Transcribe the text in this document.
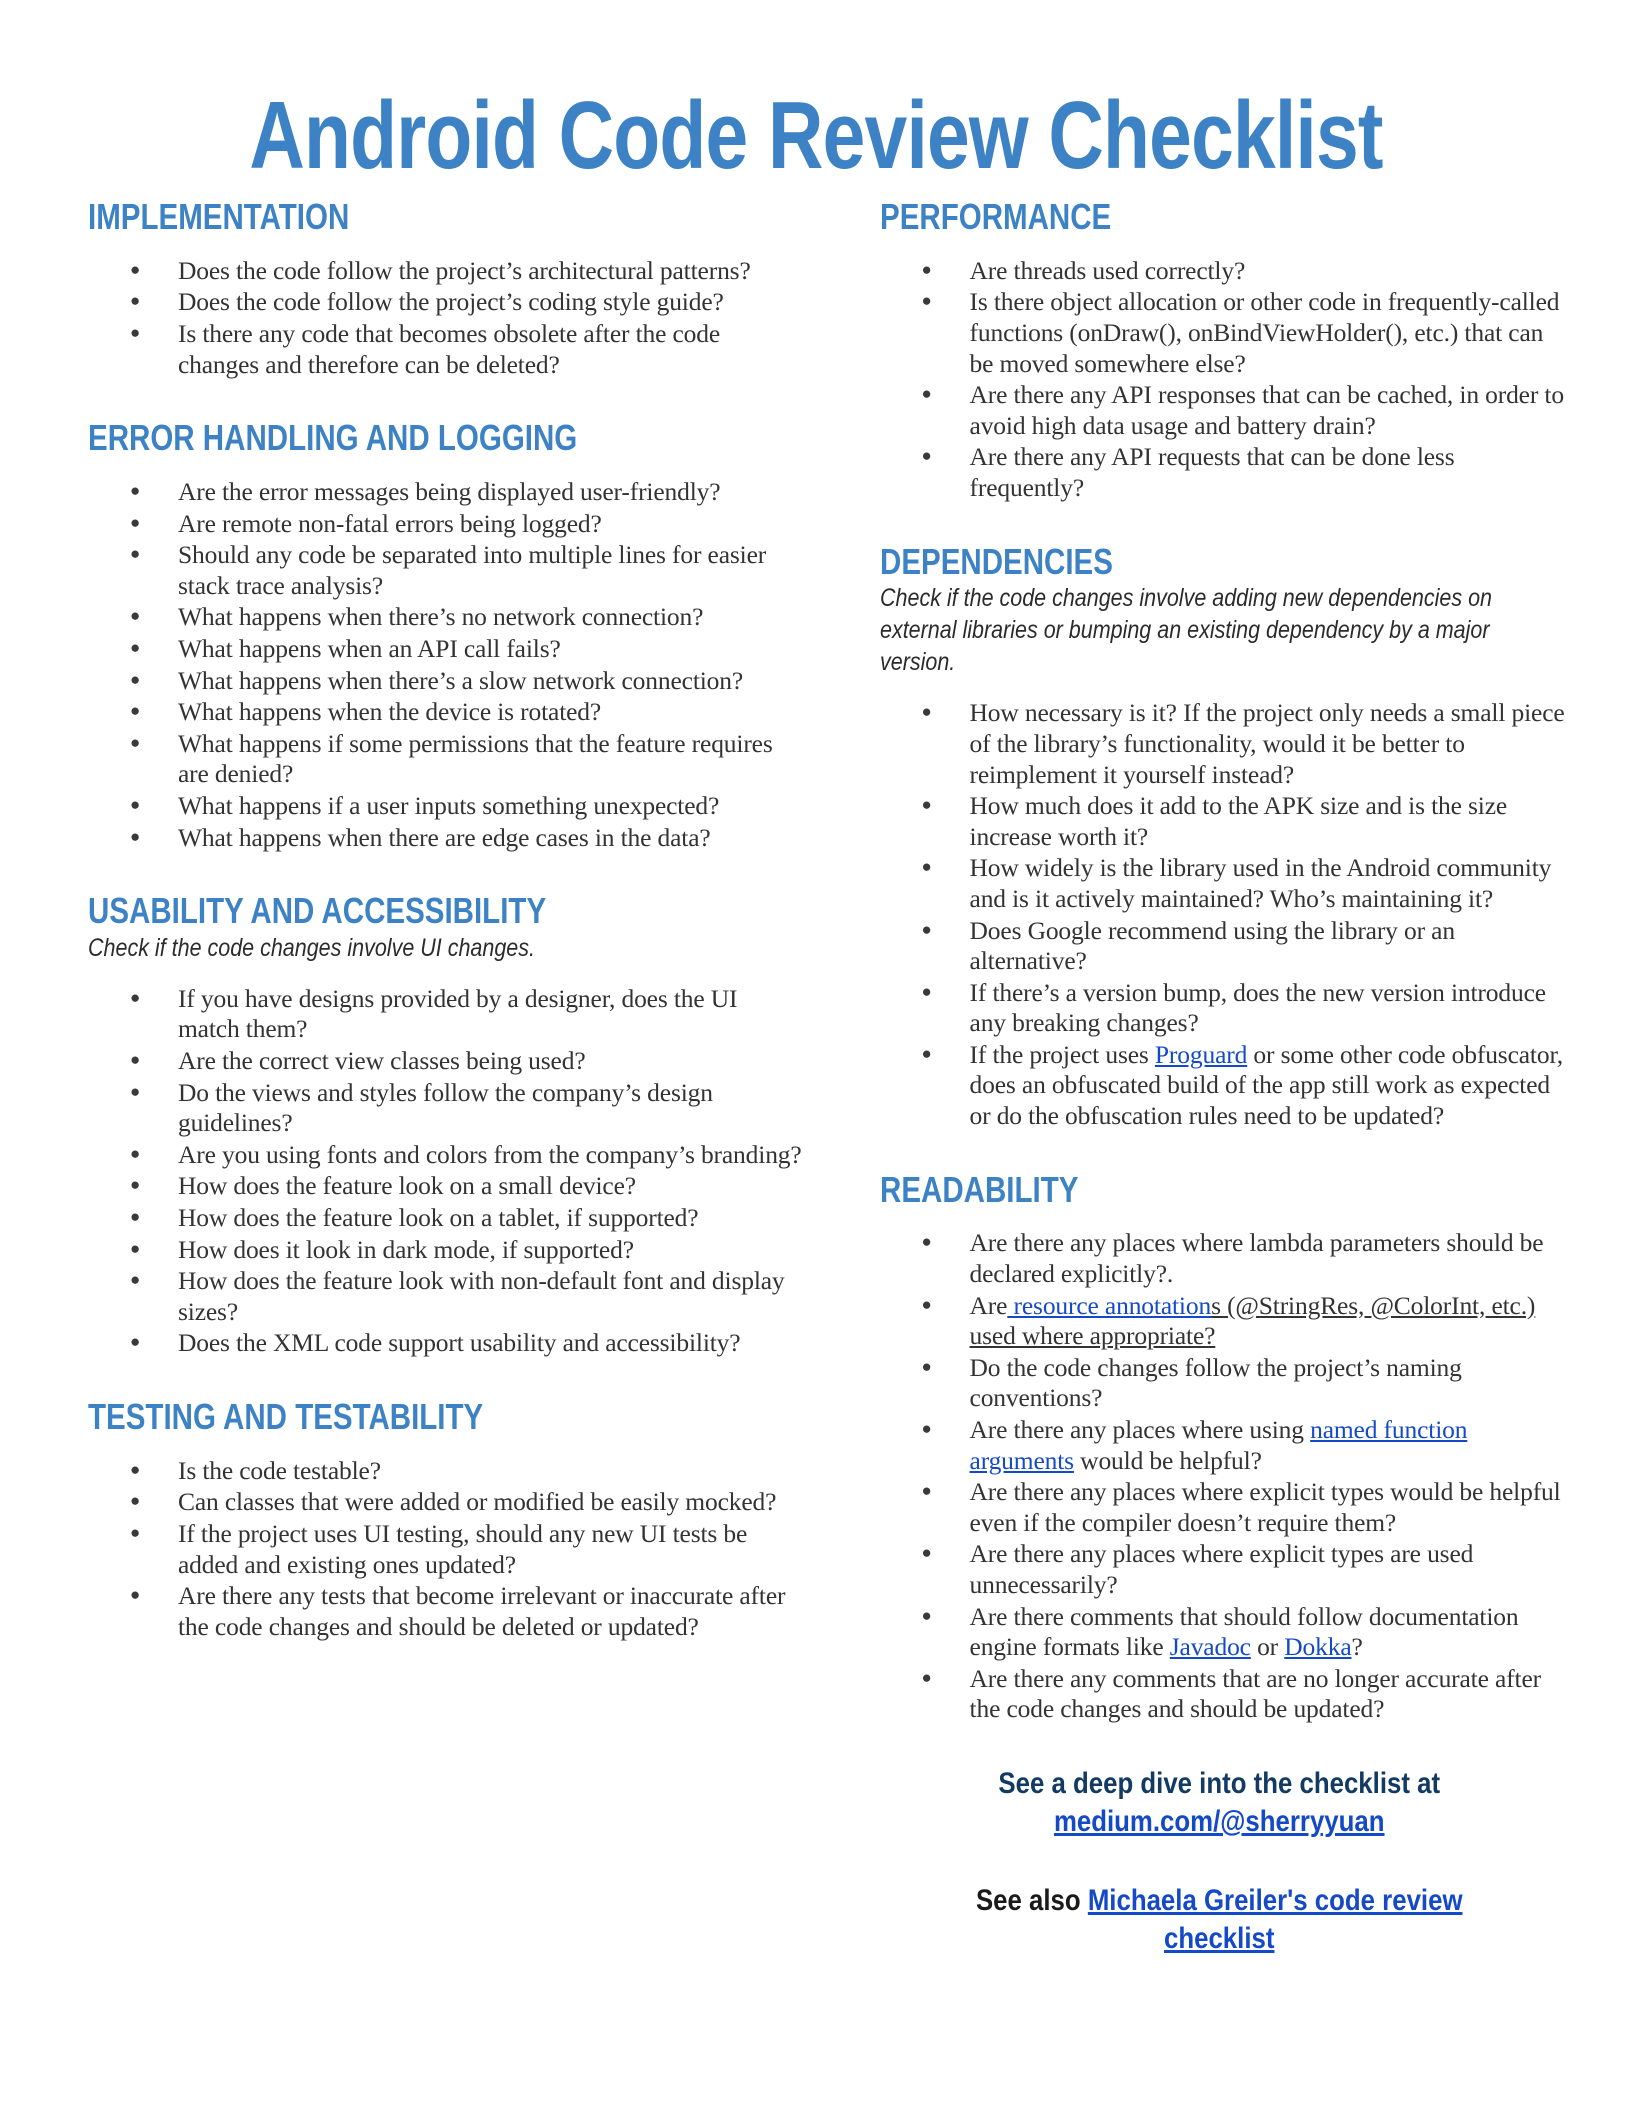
Android Code Review Checklist
IMPLEMENTATION
● Does the code follow the project’s architectural patterns?
● Does the code follow the project’s coding style guide?
● Is there any code that becomes obsolete after the code changes and therefore can be deleted?
ERROR HANDLING AND LOGGING
● Are the error messages being displayed user-friendly?
● Are remote non-fatal errors being logged?
● Should any code be separated into multiple lines for easier stack trace analysis?
● What happens when there’s no network connection?
● What happens when an API call fails?
● What happens when there’s a slow network connection?
● What happens when the device is rotated?
● What happens if some permissions that the feature requires are denied?
● What happens if a user inputs something unexpected?
● What happens when there are edge cases in the data?
USABILITY AND ACCESSIBILITY
Check if the code changes involve UI changes.
● If you have designs provided by a designer, does the UI match them?
● Are the correct view classes being used?
● Do the views and styles follow the company’s design guidelines?
● Are you using fonts and colors from the company’s branding?
● How does the feature look on a small device?
● How does the feature look on a tablet, if supported?
● How does it look in dark mode, if supported?
● How does the feature look with non-default font and display sizes?
● Does the XML code support usability and accessibility?
TESTING AND TESTABILITY
● Is the code testable?
● Can classes that were added or modified be easily mocked?
● If the project uses UI testing, should any new UI tests be added and existing ones updated?
● Are there any tests that become irrelevant or inaccurate after the code changes and should be deleted or updated?
PERFORMANCE
● Are threads used correctly?
● Is there object allocation or other code in frequently-called functions (onDraw(), onBindViewHolder(), etc.) that can be moved somewhere else?
● Are there any API responses that can be cached, in order to avoid high data usage and battery drain?
● Are there any API requests that can be done less frequently?
DEPENDENCIES
Check if the code changes involve adding new dependencies on external libraries or bumping an existing dependency by a major version.
● How necessary is it? If the project only needs a small piece of the library’s functionality, would it be better to reimplement it yourself instead?
● How much does it add to the APK size and is the size increase worth it?
● How widely is the library used in the Android community and is it actively maintained? Who’s maintaining it?
● Does Google recommend using the library or an alternative?
● If there’s a version bump, does the new version introduce any breaking changes?
● If the project uses Proguard or some other code obfuscator, does an obfuscated build of the app still work as expected or do the obfuscation rules need to be updated?
READABILITY
● Are there any places where lambda parameters should be declared explicitly?.
● Are resource annotations (@StringRes, @ColorInt, etc.) used where appropriate?
● Do the code changes follow the project’s naming conventions?
● Are there any places where using named function arguments would be helpful?
● Are there any places where explicit types would be helpful even if the compiler doesn’t require them?
● Are there any places where explicit types are used unnecessarily?
● Are there comments that should follow documentation engine formats like Javadoc or Dokka?
● Are there any comments that are no longer accurate after the code changes and should be updated?
See a deep dive into the checklist at
medium.com/@sherryyuan
See also Michaela Greiler's code review checklist
